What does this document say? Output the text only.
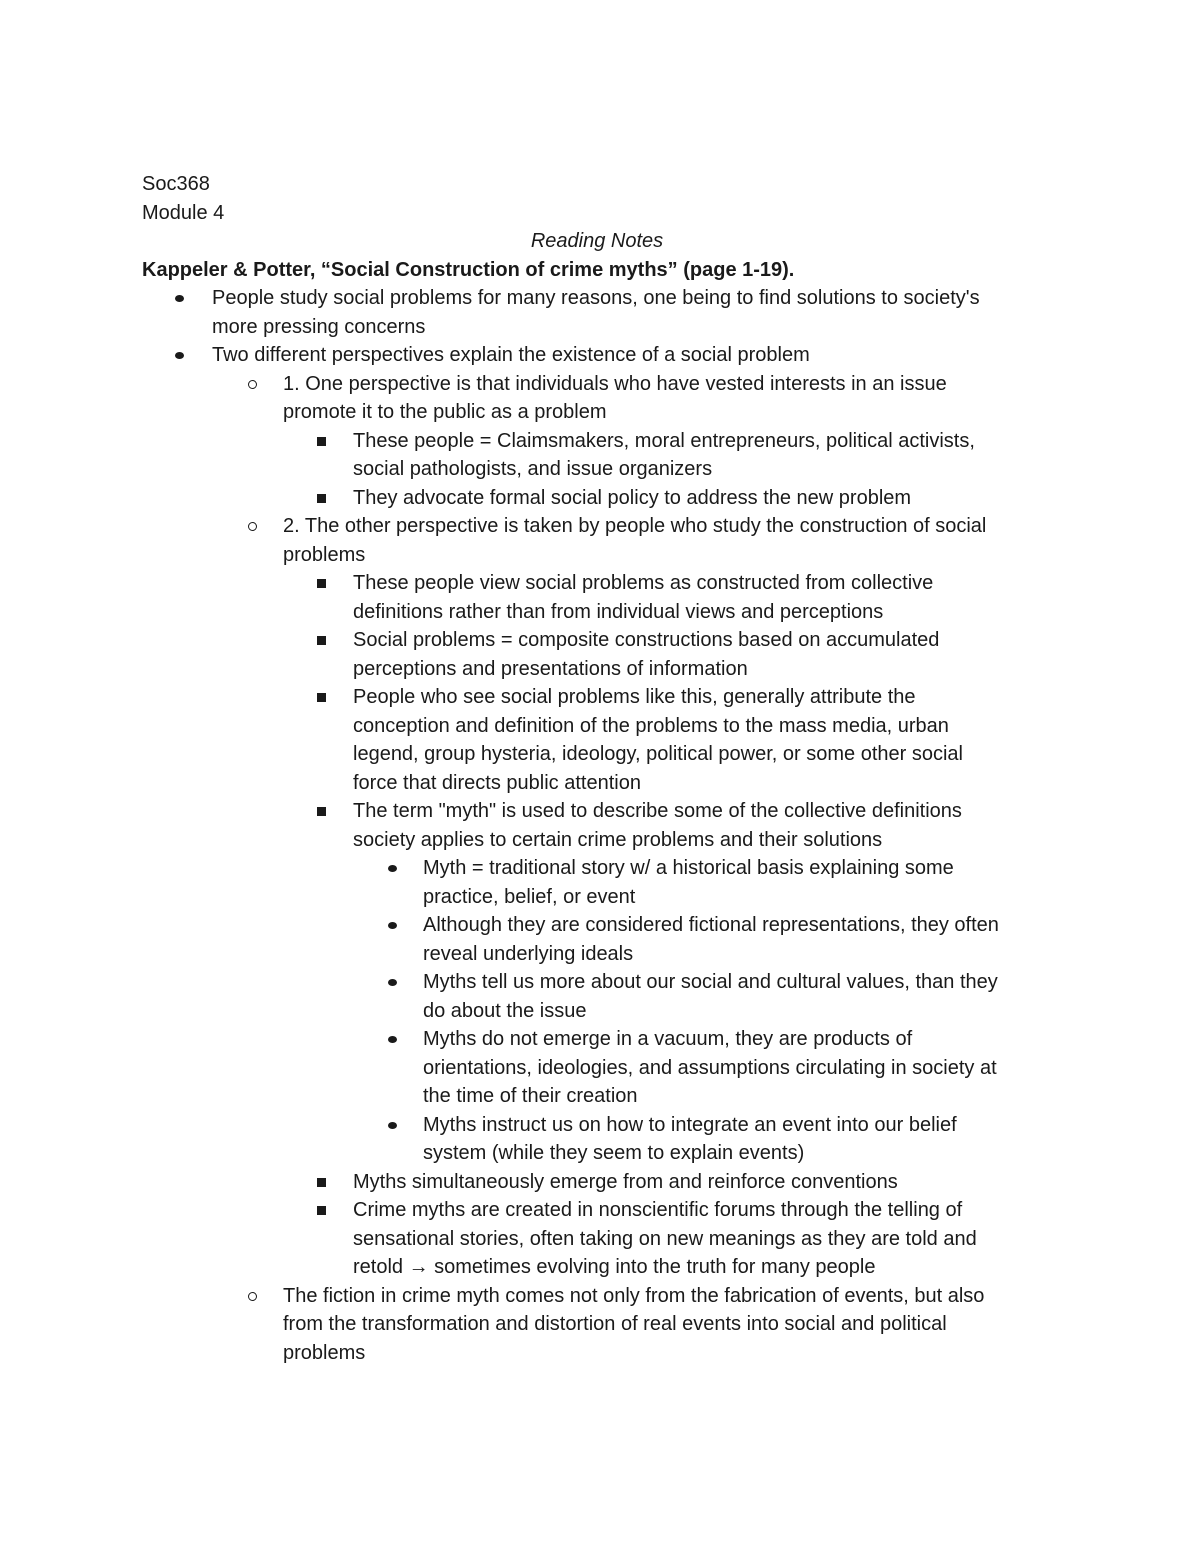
Soc368
Module 4
Reading Notes
Kappeler & Potter, “Social Construction of crime myths” (page 1-19).
People study social problems for many reasons, one being to find solutions to society's
more pressing concerns
Two different perspectives explain the existence of a social problem
1. One perspective is that individuals who have vested interests in an issue
promote it to the public as a problem
These people = Claimsmakers, moral entrepreneurs, political activists,
social pathologists, and issue organizers
They advocate formal social policy to address the new problem
2. The other perspective is taken by people who study the construction of social
problems
These people view social problems as constructed from collective
definitions rather than from individual views and perceptions
Social problems = composite constructions based on accumulated
perceptions and presentations of information
People who see social problems like this, generally attribute the
conception and definition of the problems to the mass media, urban
legend, group hysteria, ideology, political power, or some other social
force that directs public attention
The term "myth" is used to describe some of the collective definitions
society applies to certain crime problems and their solutions
Myth = traditional story w/ a historical basis explaining some
practice, belief, or event
Although they are considered fictional representations, they often
reveal underlying ideals
Myths tell us more about our social and cultural values, than they
do about the issue
Myths do not emerge in a vacuum, they are products of
orientations, ideologies, and assumptions circulating in society at
the time of their creation
Myths instruct us on how to integrate an event into our belief
system (while they seem to explain events)
Myths simultaneously emerge from and reinforce conventions
Crime myths are created in nonscientific forums through the telling of
sensational stories, often taking on new meanings as they are told and
retold → sometimes evolving into the truth for many people
The fiction in crime myth comes not only from the fabrication of events, but also
from the transformation and distortion of real events into social and political
problems
